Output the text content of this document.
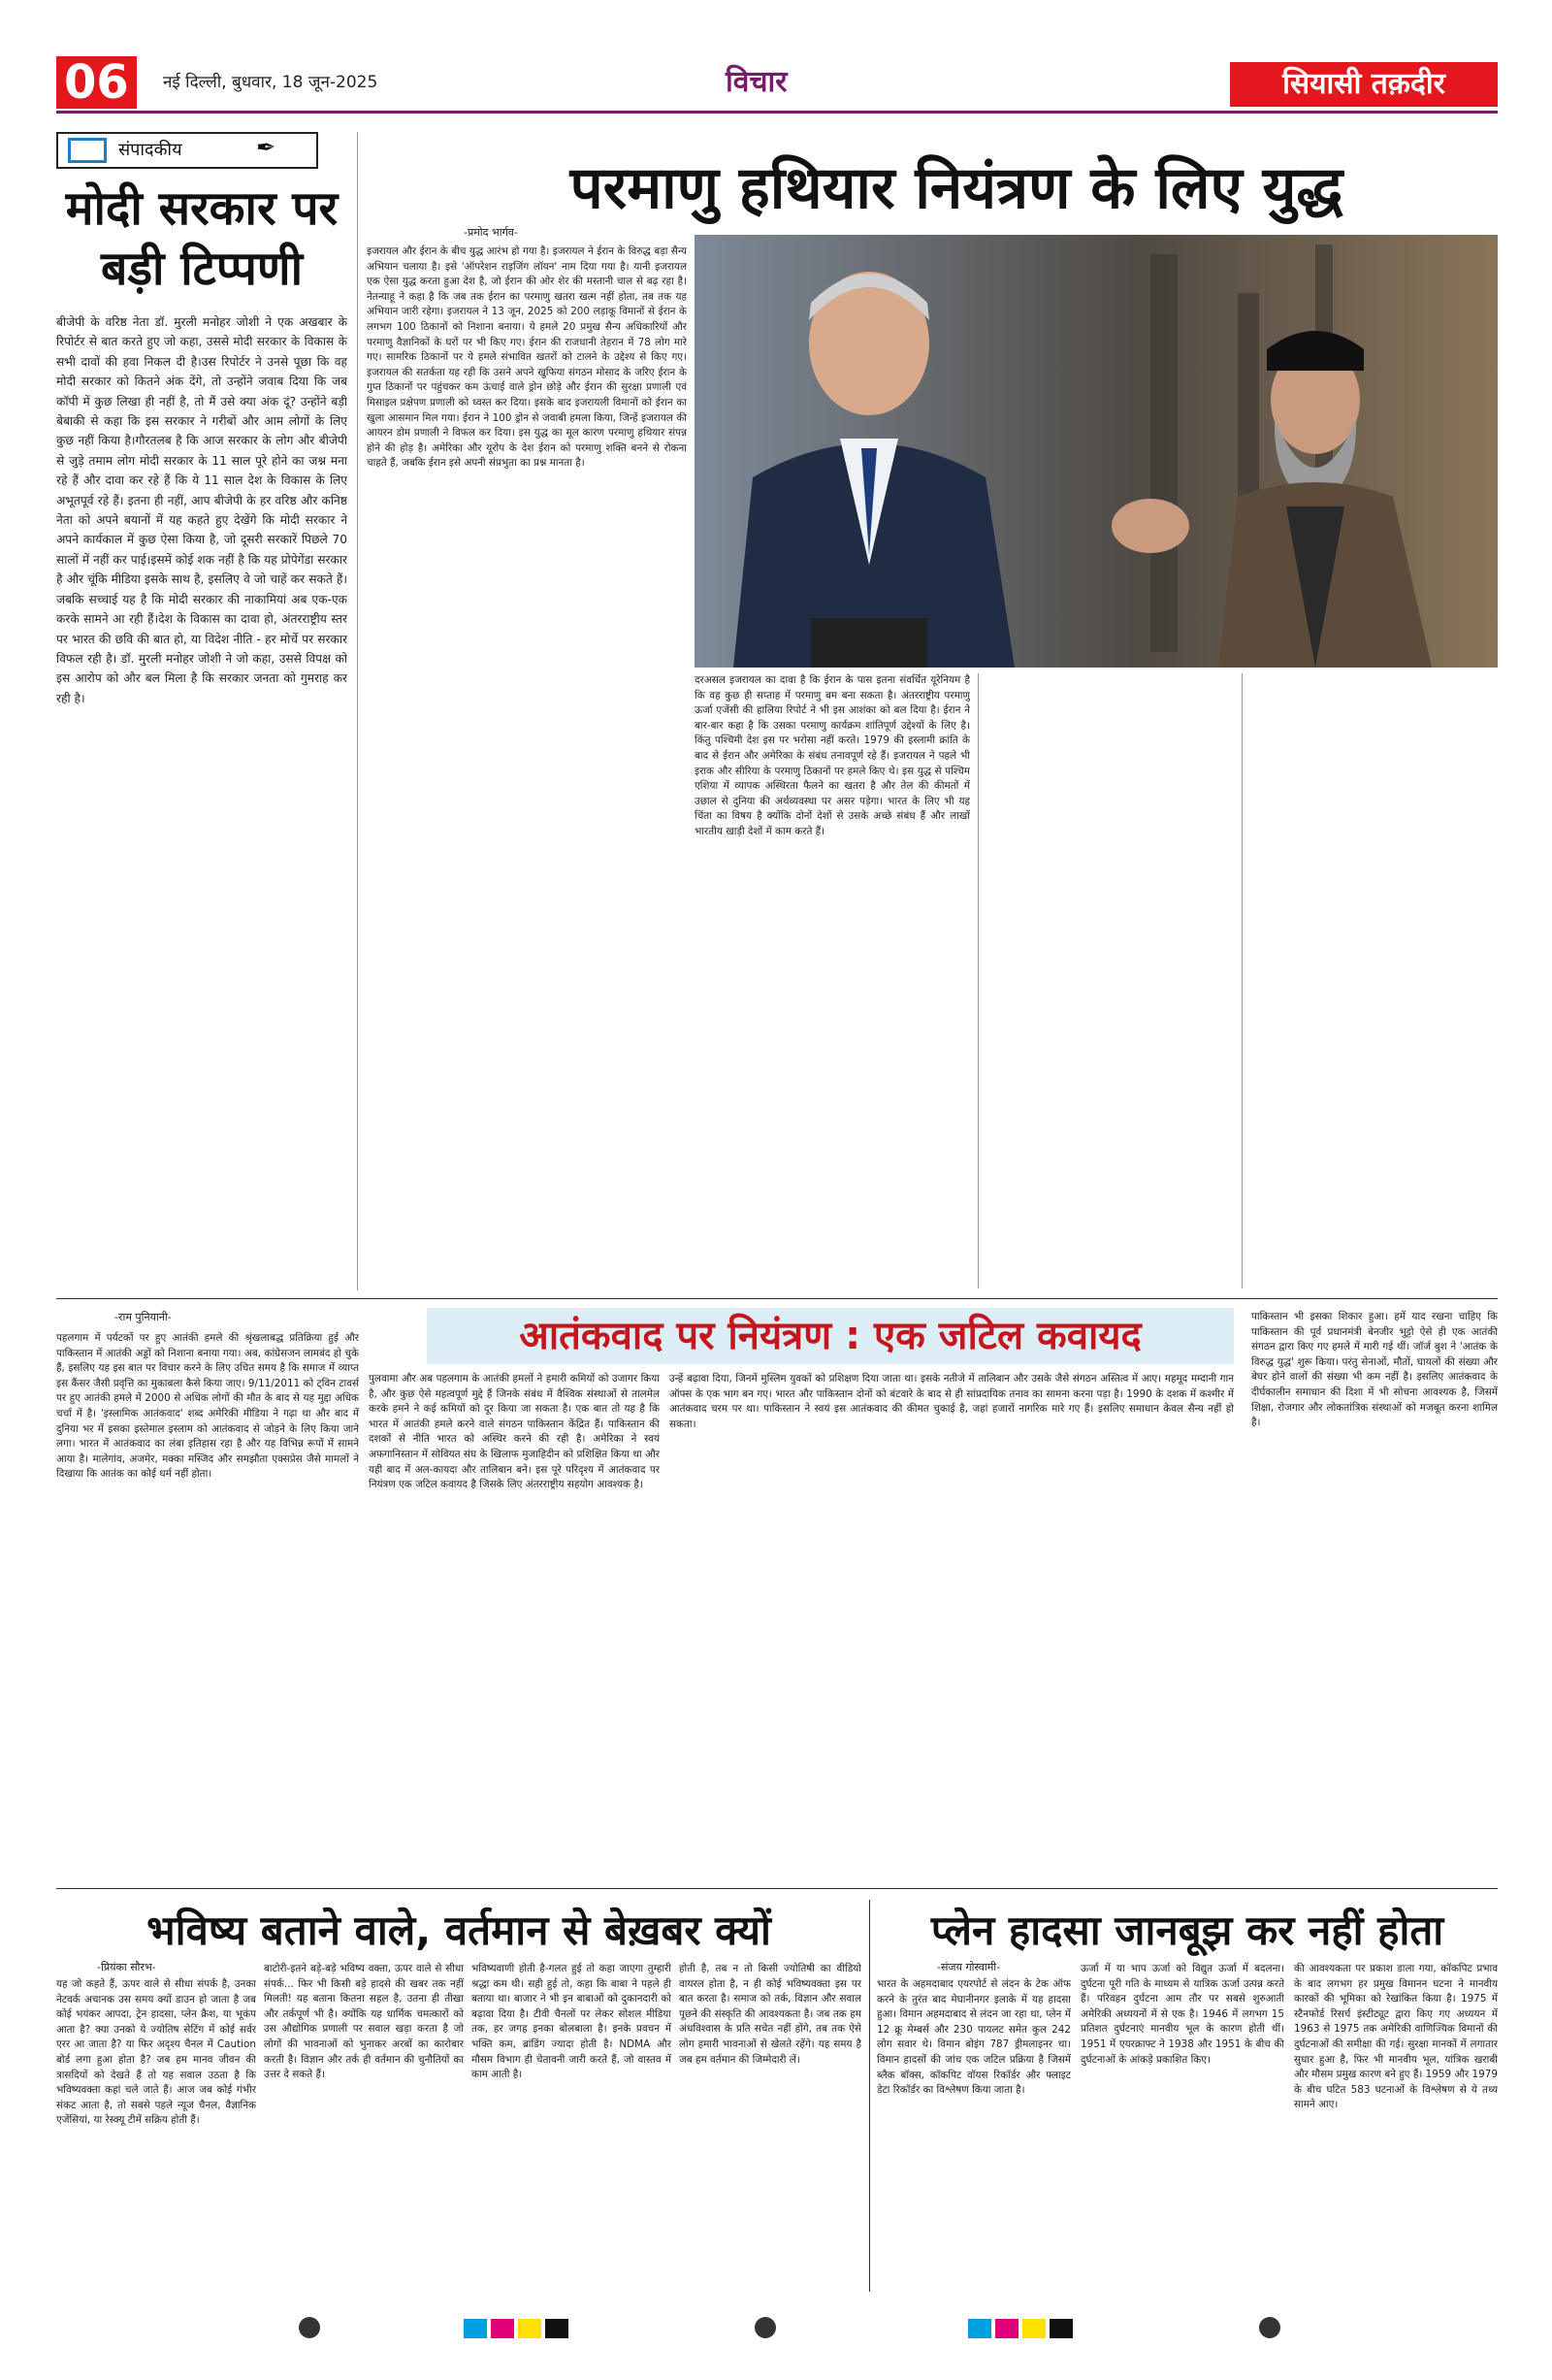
06	नई दिल्ली, बुधवार, 18 जून-2025	विचार	सियासी तक़दीर
संपादकीय	✒
मोदी सरकार पर बड़ी टिप्पणी
बीजेपी के वरिष्ठ नेता डॉ. मुरली मनोहर जोशी ने एक अखबार के रिपोर्टर से बात करते हुए जो कहा, उससे मोदी सरकार के विकास के सभी दावों की हवा निकल दी है।उस रिपोर्टर ने उनसे पूछा कि वह मोदी सरकार को कितने अंक देंगे, तो उन्होंने जवाब दिया कि जब कॉपी में कुछ लिखा ही नहीं है, तो मैं उसे क्या अंक दूं? उन्होंने बड़ी बेबाकी से कहा कि इस सरकार ने गरीबों और आम लोगों के लिए कुछ नहीं किया है।गौरतलब है कि आज सरकार के लोग और बीजेपी से जुड़े तमाम लोग मोदी सरकार के 11 साल पूरे होने का जश्न मना रहे हैं और दावा कर रहे हैं कि ये 11 साल देश के विकास के लिए अभूतपूर्व रहे हैं। इतना ही नहीं, आप बीजेपी के हर वरिष्ठ और कनिष्ठ नेता को अपने बयानों में यह कहते हुए देखेंगे कि मोदी सरकार ने अपने कार्यकाल में कुछ ऐसा किया है, जो दूसरी सरकारें पिछले 70 सालों में नहीं कर पाई।इसमें कोई शक नहीं है कि यह प्रोपेगेंडा सरकार है और चूंकि मीडिया इसके साथ है, इसलिए वे जो चाहें कर सकते हैं।जबकि सच्चाई यह है कि मोदी सरकार की नाकामियां अब एक-एक करके सामने आ रही हैं।देश के विकास का दावा हो, अंतरराष्ट्रीय स्तर पर भारत की छवि की बात हो, या विदेश नीति - हर मोर्चे पर सरकार विफल रही है। डॉ. मुरली मनोहर जोशी ने जो कहा, उससे विपक्ष को इस आरोप को और बल मिला है कि सरकार जनता को गुमराह कर रही है।
परमाणु हथियार नियंत्रण के लिए युद्ध
-प्रमोद भार्गव-
इजरायल और ईरान के बीच युद्ध आरंभ हो गया है। इजरायल ने ईरान के विरुद्ध बड़ा सैन्य अभियान चलाया है। इसे 'ऑपरेशन राइजिंग लॉयन' नाम दिया गया है। यानी इजरायल एक ऐसा युद्ध करता हुआ देश है, जो ईरान की ओर शेर की मस्तानी चाल से बढ़ रहा है। नेतन्याहू ने कहा है कि जब तक ईरान का परमाणु खतरा खत्म नहीं होता, तब तक यह अभियान जारी रहेगा। इजरायल ने 13 जून, 2025 को 200 लड़ाकू विमानों से ईरान के लगभग 100 ठिकानों को निशाना बनाया। ये हमले 20 प्रमुख सैन्य अधिकारियों और परमाणु वैज्ञानिकों के घरों पर भी किए गए। ईरान की राजधानी तेहरान में 78 लोग मारे गए। सामरिक ठिकानों पर ये हमले संभावित खतरों को टालने के उद्देश्य से किए गए। इजरायल की सतर्कता यह रही कि उसने अपने खुफिया संगठन मोसाद के जरिए ईरान के गुप्त ठिकानों पर पहुंचकर कम ऊंचाई वाले ड्रोन छोड़े और ईरान की सुरक्षा प्रणाली एवं मिसाइल प्रक्षेपण प्रणाली को ध्वस्त कर दिया। इसके बाद इजरायली विमानों को ईरान का खुला आसमान मिल गया। ईरान ने 100 ड्रोन से जवाबी हमला किया, जिन्हें इजरायल की आयरन डोम प्रणाली ने विफल कर दिया। इस युद्ध का मूल कारण परमाणु हथियार संपन्न होने की होड़ है। अमेरिका और यूरोप के देश ईरान को परमाणु शक्ति बनने से रोकना चाहते हैं, जबकि ईरान इसे अपनी संप्रभुता का प्रश्न मानता है।
दरअसल इजरायल का दावा है कि ईरान के पास इतना संवर्धित यूरेनियम है कि वह कुछ ही सप्ताह में परमाणु बम बना सकता है। अंतरराष्ट्रीय परमाणु ऊर्जा एजेंसी की हालिया रिपोर्ट ने भी इस आशंका को बल दिया है। ईरान ने बार-बार कहा है कि उसका परमाणु कार्यक्रम शांतिपूर्ण उद्देश्यों के लिए है। किंतु पश्चिमी देश इस पर भरोसा नहीं करते। 1979 की इस्लामी क्रांति के बाद से ईरान और अमेरिका के संबंध तनावपूर्ण रहे हैं। इजरायल ने पहले भी इराक और सीरिया के परमाणु ठिकानों पर हमले किए थे। इस युद्ध से पश्चिम एशिया में व्यापक अस्थिरता फैलने का खतरा है और तेल की कीमतों में उछाल से दुनिया की अर्थव्यवस्था पर असर पड़ेगा। भारत के लिए भी यह चिंता का विषय है क्योंकि दोनों देशों से उसके अच्छे संबंध हैं और लाखों भारतीय खाड़ी देशों में काम करते हैं।
-राम पुनियानी-	आतंकवाद पर नियंत्रण : एक जटिल कवायद
पहलगाम में पर्यटकों पर हुए आतंकी हमले की श्रृंखलाबद्ध प्रतिक्रिया हुई और पाकिस्तान में आतंकी अड्डों को निशाना बनाया गया। अब, कांग्रेसजन लामबंद हो चुके हैं, इसलिए यह इस बात पर विचार करने के लिए उचित समय है कि समाज में व्याप्त इस कैंसर जैसी प्रवृत्ति का मुकाबला कैसे किया जाए। 9/11/2011 को ट्विन टावर्स पर हुए आतंकी हमले में 2000 से अधिक लोगों की मौत के बाद से यह मुद्दा अधिक चर्चा में है। 'इस्लामिक आतंकवाद' शब्द अमेरिकी मीडिया ने गढ़ा था और बाद में दुनिया भर में इसका इस्तेमाल इस्लाम को आतंकवाद से जोड़ने के लिए किया जाने लगा। भारत में आतंकवाद का लंबा इतिहास रहा है और यह विभिन्न रूपों में सामने आया है। मालेगांव, अजमेर, मक्का मस्जिद और समझौता एक्सप्रेस जैसे मामलों ने दिखाया कि आतंक का कोई धर्म नहीं होता।
पुलवामा और अब पहलगाम के आतंकी हमलों ने हमारी कमियों को उजागर किया है, और कुछ ऐसे महत्वपूर्ण मुद्दे हैं जिनके संबंध में वैश्विक संस्थाओं से तालमेल करके हमने ने कई कमियों को दूर किया जा सकता है। एक बात तो यह है कि भारत में आतंकी हमले करने वाले संगठन पाकिस्तान केंद्रित हैं। पाकिस्तान की दशकों से नीति भारत को अस्थिर करने की रही है। अमेरिका ने स्वयं अफगानिस्तान में सोवियत संघ के खिलाफ मुजाहिदीन को प्रशिक्षित किया था और यही बाद में अल-कायदा और तालिबान बने। इस पूरे परिदृश्य में आतंकवाद पर नियंत्रण एक जटिल कवायद है जिसके लिए अंतरराष्ट्रीय सहयोग आवश्यक है।
उन्हें बढ़ावा दिया, जिनमें मुस्लिम युवकों को प्रशिक्षण दिया जाता था। इसके नतीजे में तालिबान और उसके जैसे संगठन अस्तित्व में आए। महमूद मम्दानी गान ऑफ्स के एक भाग बन गए। भारत और पाकिस्तान दोनों को बंटवारे के बाद से ही सांप्रदायिक तनाव का सामना करना पड़ा है। 1990 के दशक में कश्मीर में आतंकवाद चरम पर था। पाकिस्तान ने स्वयं इस आतंकवाद की कीमत चुकाई है, जहां हजारों नागरिक मारे गए हैं। इसलिए समाधान केवल सैन्य नहीं हो सकता।
पाकिस्तान भी इसका शिकार हुआ। हमें याद रखना चाहिए कि पाकिस्तान की पूर्व प्रधानमंत्री बेनजीर भुट्टो ऐसे ही एक आतंकी संगठन द्वारा किए गए हमले में मारी गई थीं। जॉर्ज बुश ने 'आतंक के विरुद्ध युद्ध' शुरू किया। परंतु सेनाओं, मौतों, घायलों की संख्या और बेघर होने वालों की संख्या भी कम नहीं है। इसलिए आतंकवाद के दीर्घकालीन समाधान की दिशा में भी सोचना आवश्यक है, जिसमें शिक्षा, रोजगार और लोकतांत्रिक संस्थाओं को मजबूत करना शामिल है।
भविष्य बताने वाले, वर्तमान से बेख़बर क्यों
-प्रियंका सौरभ-
यह जो कहते हैं, ऊपर वाले से सीधा संपर्क है, उनका नेटवर्क अचानक उस समय क्यों डाउन हो जाता है जब कोई भयंकर आपदा, ट्रेन हादसा, प्लेन क्रैश, या भूकंप आता है? क्या उनको ये ज्योतिष सेटिंग में कोई सर्वर एरर आ जाता है? या फिर अदृश्य चैनल में Caution बोर्ड लगा हुआ होता है? जब हम मानव जीवन की त्रासदियों को देखते हैं तो यह सवाल उठता है कि भविष्यवक्ता कहां चले जाते हैं। आज जब कोई गंभीर संकट आता है, तो सबसे पहले न्यूज चैनल, वैज्ञानिक एजेंसियां, या रेस्क्यू टीमें सक्रिय होती हैं।
बाटोरी-इतने बड़े-बड़े भविष्य वक्ता, ऊपर वाले से सीधा संपर्क... फिर भी किसी बड़े हादसे की खबर तक नहीं मिलती! यह बताना कितना सहल है, उतना ही तीखा और तर्कपूर्ण भी है। क्योंकि यह धार्मिक चमत्कारों को उस औद्योगिक प्रणाली पर सवाल खड़ा करता है जो लोगों की भावनाओं को भुनाकर अरबों का कारोबार करती है। विज्ञान और तर्क ही वर्तमान की चुनौतियों का उत्तर दे सकते हैं।
भविष्यवाणी होती है-गलत हुई तो कहा जाएगा तुम्हारी श्रद्धा कम थी। सही हुई तो, कहा कि बाबा ने पहले ही बताया था। बाजार ने भी इन बाबाओं को दुकानदारी को बढ़ावा दिया है। टीवी चैनलों पर लेकर सोशल मीडिया तक, हर जगह इनका बोलबाला है। इनके प्रवचन में भक्ति कम, ब्रांडिंग ज्यादा होती है। NDMA और मौसम विभाग ही चेतावनी जारी करते हैं, जो वास्तव में काम आती है।
होती है, तब न तो किसी ज्योतिषी का वीडियो वायरल होता है, न ही कोई भविष्यवक्ता इस पर बात करता है। समाज को तर्क, विज्ञान और सवाल पूछने की संस्कृति की आवश्यकता है। जब तक हम अंधविश्वास के प्रति सचेत नहीं होंगे, तब तक ऐसे लोग हमारी भावनाओं से खेलते रहेंगे। यह समय है जब हम वर्तमान की जिम्मेदारी लें।
प्लेन हादसा जानबूझ कर नहीं होता
-संजय गोस्वामी-
भारत के अहमदाबाद एयरपोर्ट से लंदन के टेक ऑफ करने के तुरंत बाद मेघानीनगर इलाके में यह हादसा हुआ। विमान अहमदाबाद से लंदन जा रहा था, प्लेन में 12 क्रू मेम्बर्स और 230 पायलट समेत कुल 242 लोग सवार थे। विमान बोइंग 787 ड्रीमलाइनर था। विमान हादसों की जांच एक जटिल प्रक्रिया है जिसमें ब्लैक बॉक्स, कॉकपिट वॉयस रिकॉर्डर और फ्लाइट डेटा रिकॉर्डर का विश्लेषण किया जाता है।
ऊर्जा में या भाप ऊर्जा को विद्युत ऊर्जा में बदलना। दुर्घटना पूरी गति के माध्यम से यात्रिक ऊर्जा उत्पन्न करते हैं। परिवहन दुर्घटना आम तौर पर सबसे शुरुआती अमेरिकी अध्ययनों में से एक है। 1946 में लगभग 15 प्रतिशत दुर्घटनाएं मानवीय भूल के कारण होती थीं। 1951 में एयरक्राफ्ट ने 1938 और 1951 के बीच की दुर्घटनाओं के आंकड़े प्रकाशित किए।
की आवश्यकता पर प्रकाश डाला गया, कॉकपिट प्रभाव के बाद लगभग हर प्रमुख विमानन घटना ने मानवीय कारकों की भूमिका को रेखांकित किया है। 1975 में स्टैनफोर्ड रिसर्च इंस्टीट्यूट द्वारा किए गए अध्ययन में 1963 से 1975 तक अमेरिकी वाणिज्यिक विमानों की दुर्घटनाओं की समीक्षा की गई। सुरक्षा मानकों में लगातार सुधार हुआ है, फिर भी मानवीय भूल, यांत्रिक खराबी और मौसम प्रमुख कारण बने हुए हैं। 1959 और 1979 के बीच घटित 583 घटनाओं के विश्लेषण से ये तथ्य सामने आए।
